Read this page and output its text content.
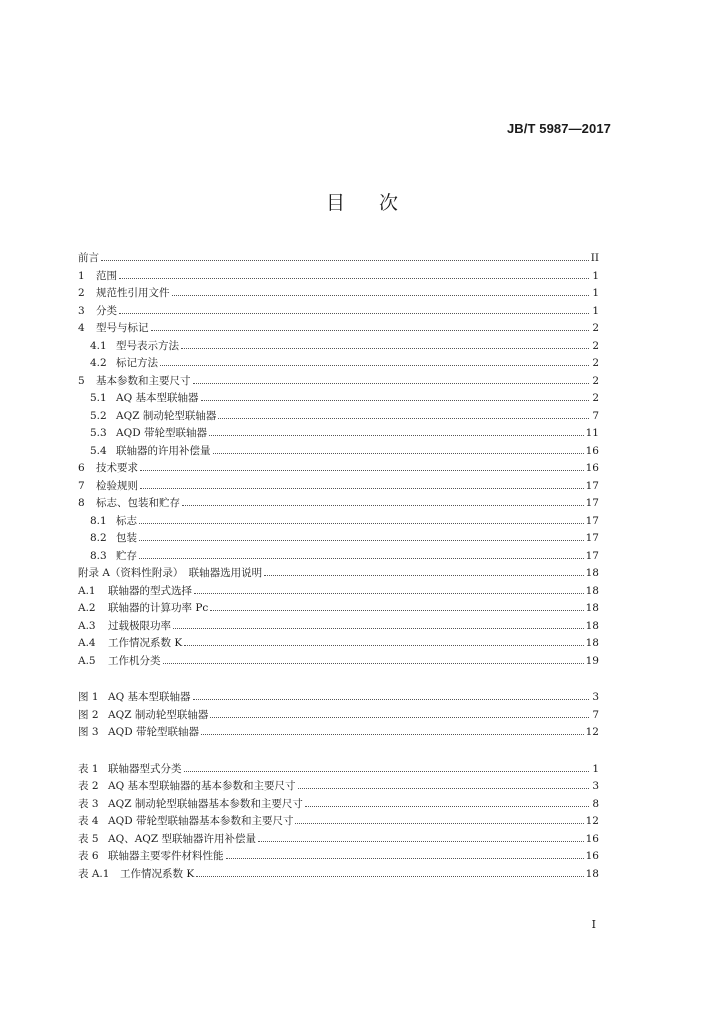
JB/T 5987—2017
目 次
前言	II
1	范围	1
2	规范性引用文件	1
3	分类	1
4	型号与标记	2
4.1 型号表示方法	2
4.2 标记方法	2
5	基本参数和主要尺寸	2
5.1 AQ 基本型联轴器	2
5.2 AQZ 制动轮型联轴器	7
5.3 AQD 带轮型联轴器	11
5.4 联轴器的许用补偿量	16
6	技术要求	16
7	检验规则	17
8	标志、包装和贮存	17
8.1 标志	17
8.2 包装	17
8.3 贮存	17
附录 A（资料性附录）　联轴器选用说明	18
A.1	联轴器的型式选择	18
A.2	联轴器的计算功率 Pc	18
A.3	过载极限功率	18
A.4	工作情况系数 K	18
A.5	工作机分类	19
图 1 AQ 基本型联轴器	3
图 2 AQZ 制动轮型联轴器	7
图 3 AQD 带轮型联轴器	12
表 1 联轴器型式分类	1
表 2 AQ 基本型联轴器的基本参数和主要尺寸	3
表 3 AQZ 制动轮型联轴器基本参数和主要尺寸	8
表 4 AQD 带轮型联轴器基本参数和主要尺寸	12
表 5 AQ、AQZ 型联轴器许用补偿量	16
表 6 联轴器主要零件材料性能	16
表 A.1	工作情况系数 K	18
I
